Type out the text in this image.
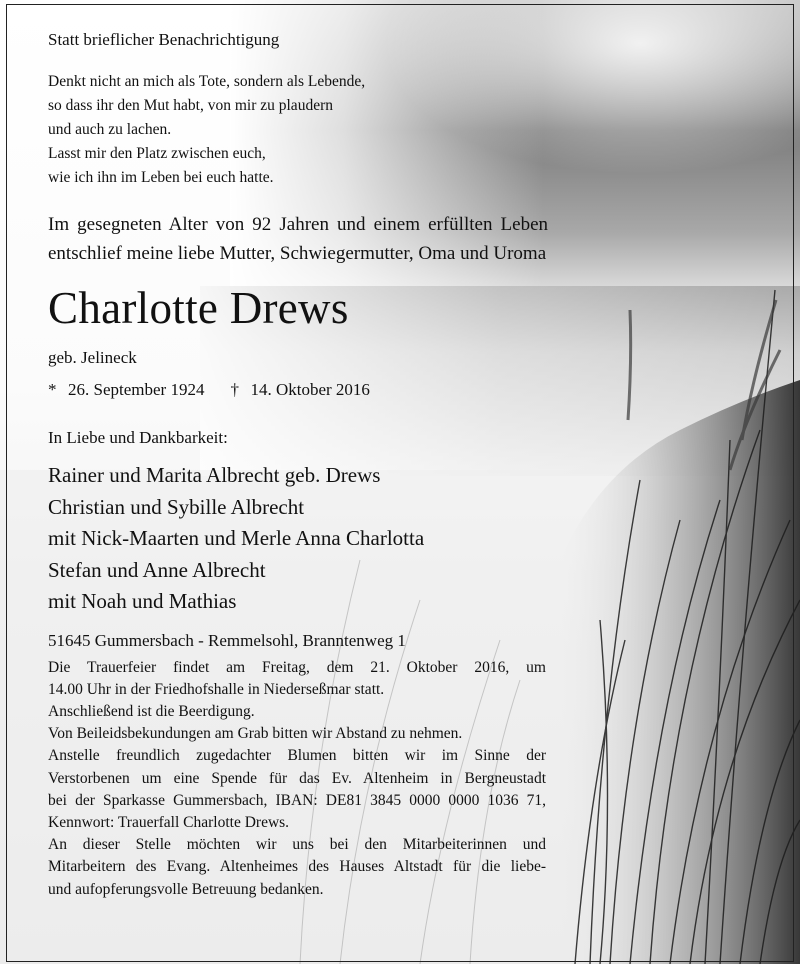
Statt brieflicher Benachrichtigung
Denkt nicht an mich als Tote, sondern als Lebende,
so dass ihr den Mut habt, von mir zu plaudern
und auch zu lachen.
Lasst mir den Platz zwischen euch,
wie ich ihn im Leben bei euch hatte.
Im gesegneten Alter von 92 Jahren und einem erfüllten Leben entschlief meine liebe Mutter, Schwiegermutter, Oma und Uroma
Charlotte Drews
geb. Jelineck
* 26. September 1924 † 14. Oktober 2016
In Liebe und Dankbarkeit:
Rainer und Marita Albrecht geb. Drews
Christian und Sybille Albrecht
mit Nick-Maarten und Merle Anna Charlotta
Stefan und Anne Albrecht
mit Noah und Mathias
51645 Gummersbach - Remmelsohl, Branntenweg 1
Die Trauerfeier findet am Freitag, dem 21. Oktober 2016, um
14.00 Uhr in der Friedhofshalle in Niederseßmar statt.
Anschließend ist die Beerdigung.
Von Beileidsbekundungen am Grab bitten wir Abstand zu nehmen.
Anstelle freundlich zugedachter Blumen bitten wir im Sinne der
Verstorbenen um eine Spende für das Ev. Altenheim in Bergneustadt
bei der Sparkasse Gummersbach, IBAN: DE81 3845 0000 0000 1036 71,
Kennwort: Trauerfall Charlotte Drews.
An dieser Stelle möchten wir uns bei den Mitarbeiterinnen und
Mitarbeitern des Evang. Altenheimes des Hauses Altstadt für die liebe-
und aufopferungsvolle Betreuung bedanken.
